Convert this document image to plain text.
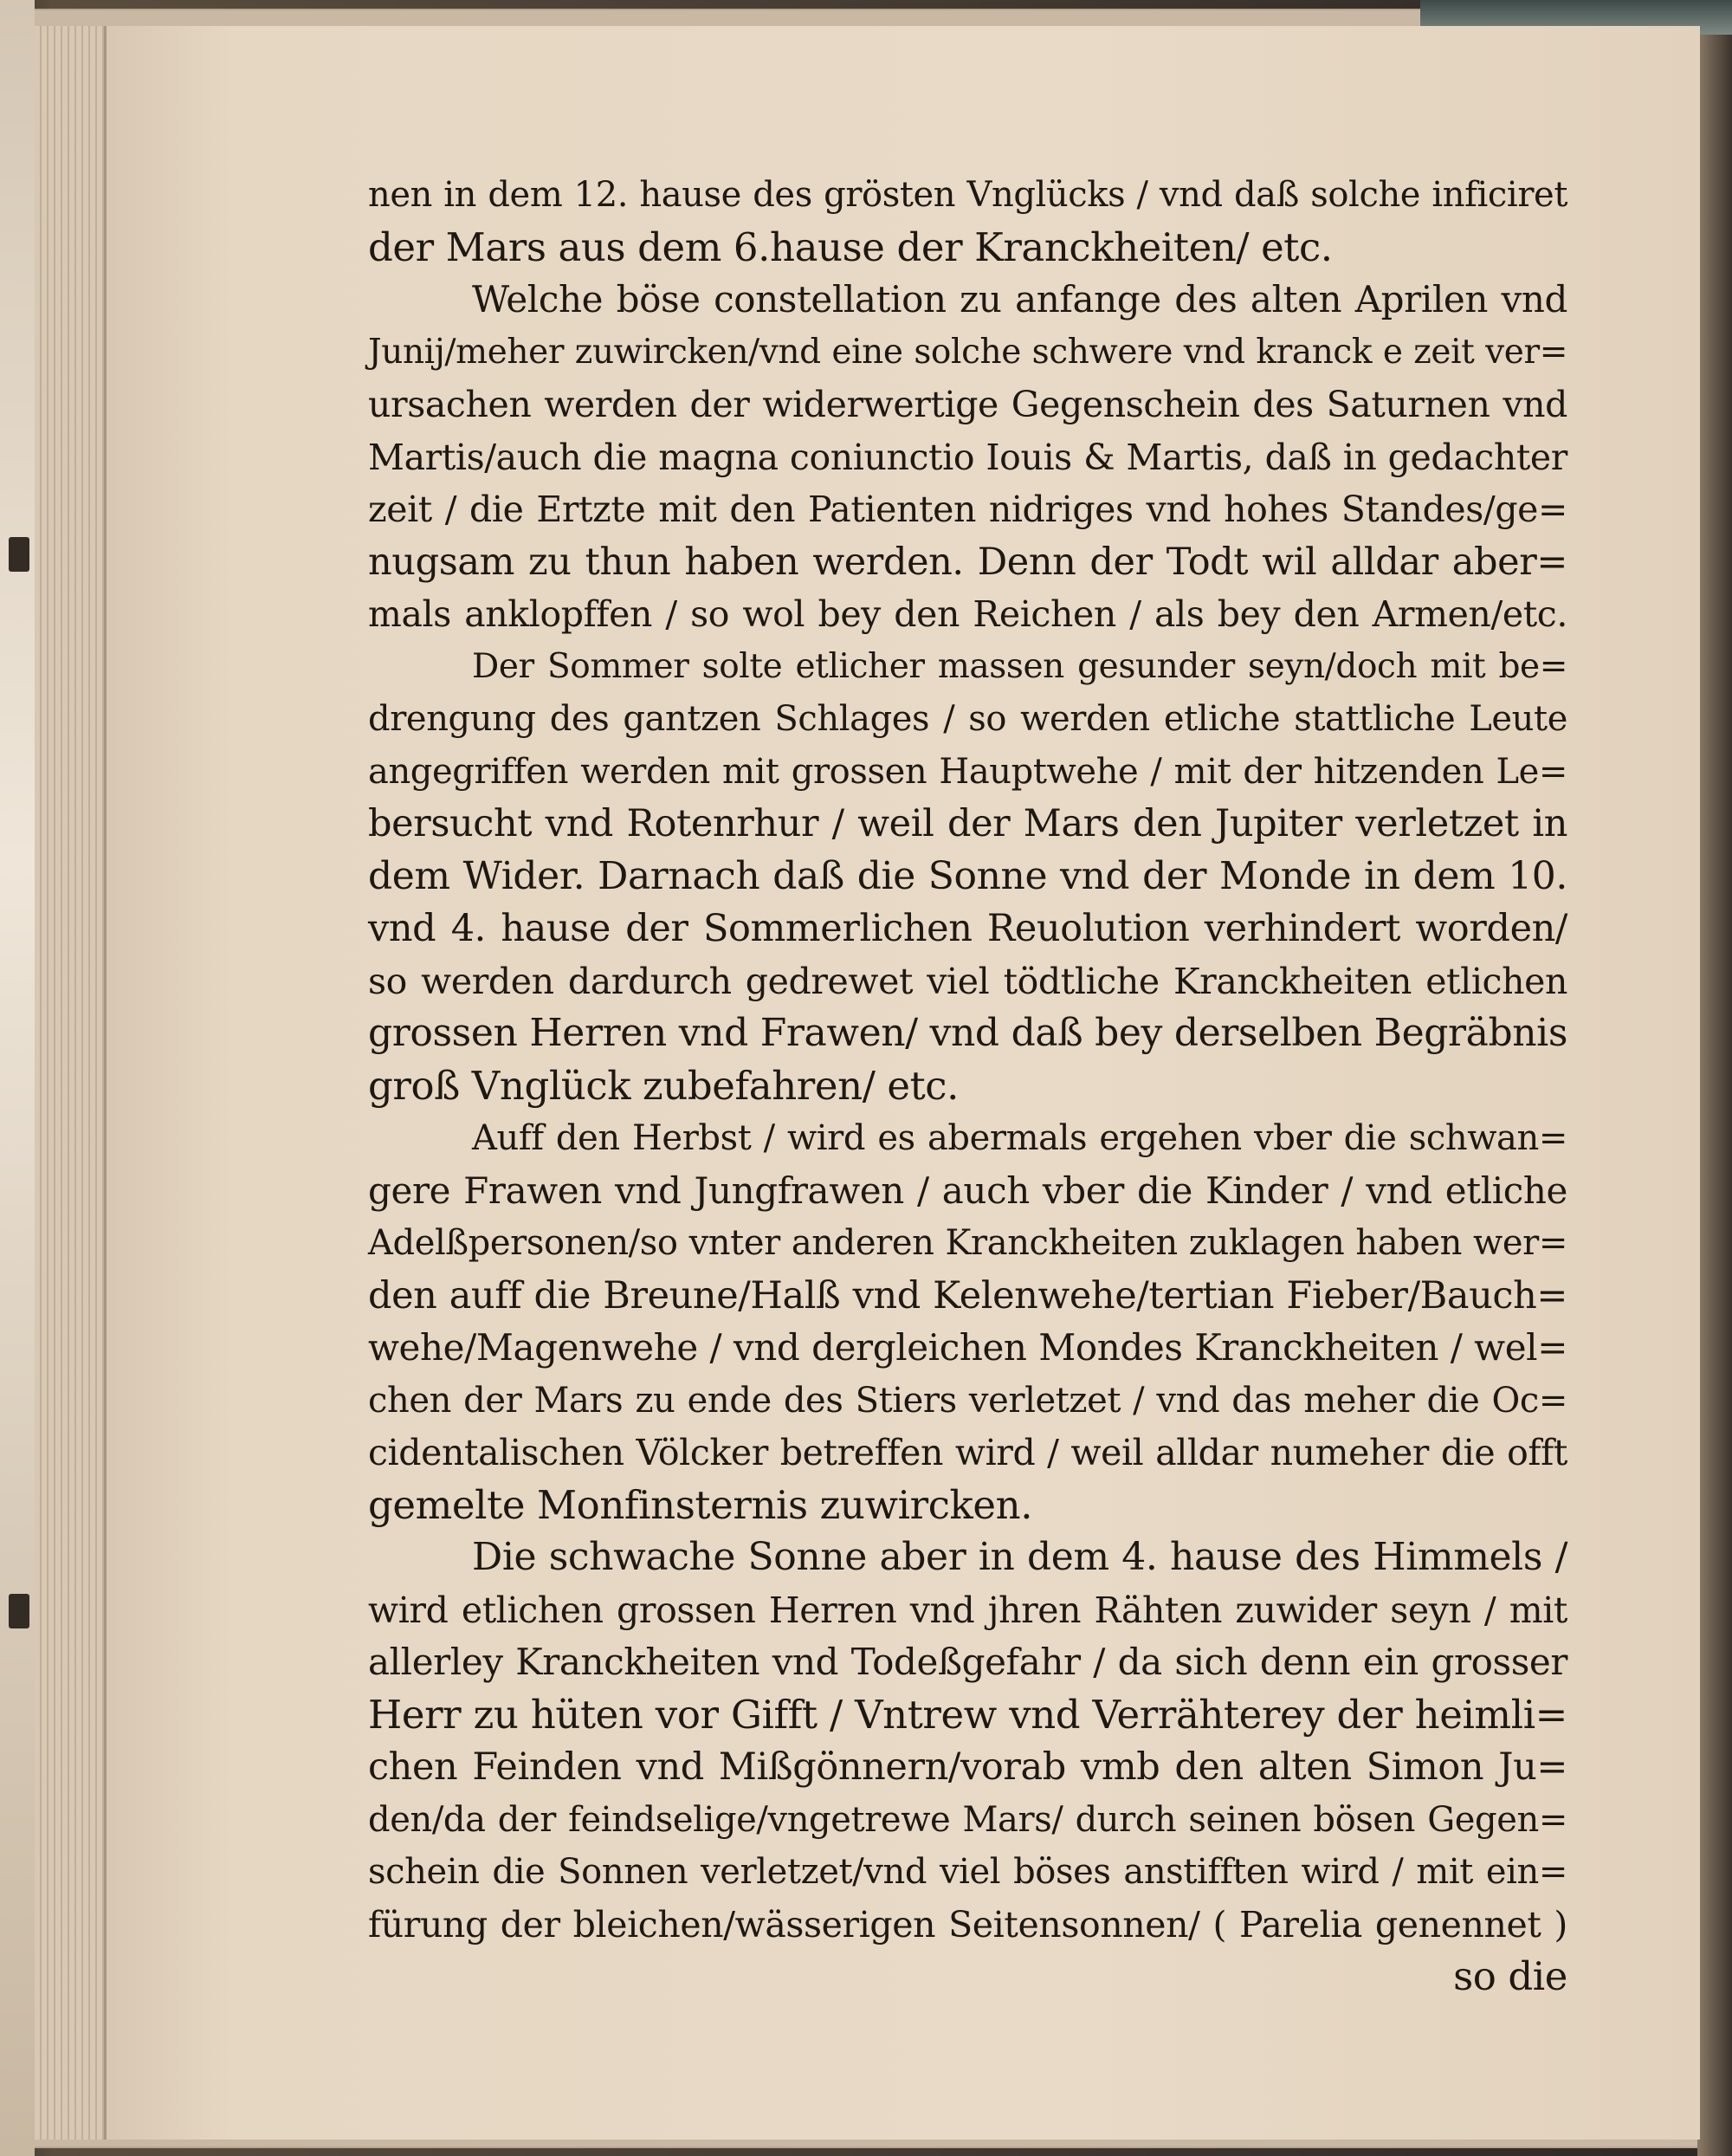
nen in dem 12. hause des grösten Vnglücks / vnd daß solche inficiret
der Mars aus dem 6.hause der Kranckheiten/ etc.
Welche böse constellation zu anfange des alten Aprilen vnd
Junij/meher zuwircken/vnd eine solche schwere vnd kranck e zeit ver=
ursachen werden der widerwertige Gegenschein des Saturnen vnd
Martis/auch die magna coniunctio Iouis & Martis, daß in gedachter
zeit / die Ertzte mit den Patienten nidriges vnd hohes Standes/ge=
nugsam zu thun haben werden. Denn der Todt wil alldar aber=
mals anklopffen / so wol bey den Reichen / als bey den Armen/etc.
Der Sommer solte etlicher massen gesunder seyn/doch mit be=
drengung des gantzen Schlages / so werden etliche stattliche Leute
angegriffen werden mit grossen Hauptwehe / mit der hitzenden Le=
bersucht vnd Rotenrhur / weil der Mars den Jupiter verletzet in
dem Wider. Darnach daß die Sonne vnd der Monde in dem 10.
vnd 4. hause der Sommerlichen Reuolution verhindert worden/
so werden dardurch gedrewet viel tödtliche Kranckheiten etlichen
grossen Herren vnd Frawen/ vnd daß bey derselben Begräbnis
groß Vnglück zubefahren/ etc.
Auff den Herbst / wird es abermals ergehen vber die schwan=
gere Frawen vnd Jungfrawen / auch vber die Kinder / vnd etliche
Adelßpersonen/so vnter anderen Kranckheiten zuklagen haben wer=
den auff die Breune/Halß vnd Kelenwehe/tertian Fieber/Bauch=
wehe/Magenwehe / vnd dergleichen Mondes Kranckheiten / wel=
chen der Mars zu ende des Stiers verletzet / vnd das meher die Oc=
cidentalischen Völcker betreffen wird / weil alldar numeher die offt
gemelte Monfinsternis zuwircken.
Die schwache Sonne aber in dem 4. hause des Himmels /
wird etlichen grossen Herren vnd jhren Rähten zuwider seyn / mit
allerley Kranckheiten vnd Todeßgefahr / da sich denn ein grosser
Herr zu hüten vor Gifft / Vntrew vnd Verrähterey der heimli=
chen Feinden vnd Mißgönnern/vorab vmb den alten Simon Ju=
den/da der feindselige/vngetrewe Mars/ durch seinen bösen Gegen=
schein die Sonnen verletzet/vnd viel böses anstifften wird / mit ein=
fürung der bleichen/wässerigen Seitensonnen/ ( Parelia genennet )
so die
